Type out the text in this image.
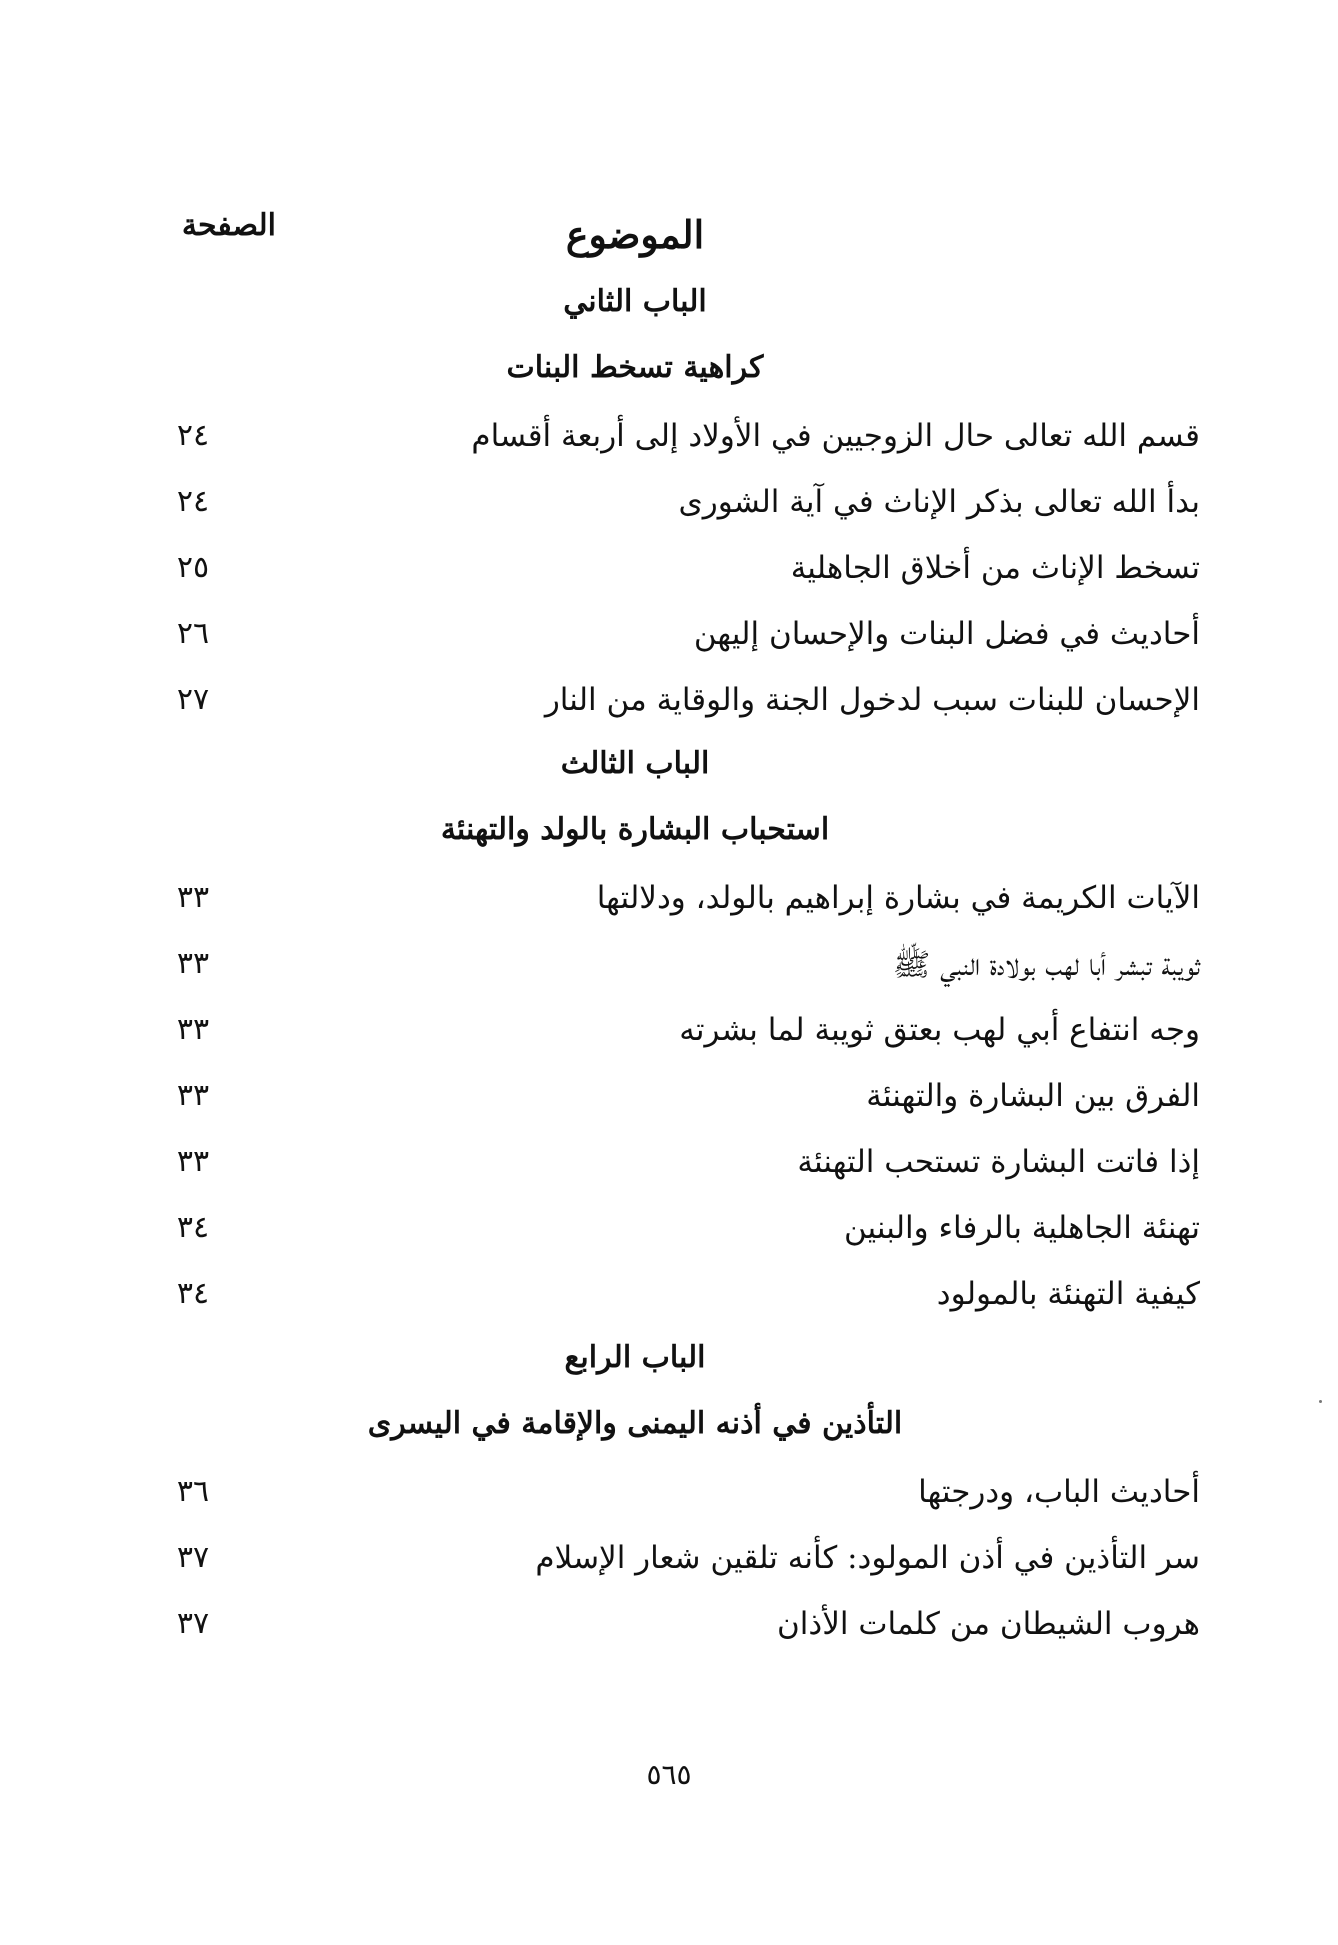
الصفحة	الموضوع
الباب الثاني
كراهية تسخط البنات
قسم الله تعالى حال الزوجيين في الأولاد إلى أربعة أقسام
٢٤
بدأ الله تعالى بذكر الإناث في آية الشورى
٢٤
تسخط الإناث من أخلاق الجاهلية
٢٥
أحاديث في فضل البنات والإحسان إليهن
٢٦
الإحسان للبنات سبب لدخول الجنة والوقاية من النار
٢٧
الباب الثالث
استحباب البشارة بالولد والتهنئة
الآيات الكريمة في بشارة إبراهيم بالولد، ودلالتها
٣٣
ثويبة تبشر أبا لهب بولادة النبي ﷺ
٣٣
وجه انتفاع أبي لهب بعتق ثويبة لما بشرته
٣٣
الفرق بين البشارة والتهنئة
٣٣
إذا فاتت البشارة تستحب التهنئة
٣٣
تهنئة الجاهلية بالرفاء والبنين
٣٤
كيفية التهنئة بالمولود
٣٤
الباب الرابع
التأذين في أذنه اليمنى والإقامة في اليسرى
أحاديث الباب، ودرجتها
٣٦
سر التأذين في أذن المولود: كأنه تلقين شعار الإسلام
٣٧
هروب الشيطان من كلمات الأذان
٣٧
٥٦٥
